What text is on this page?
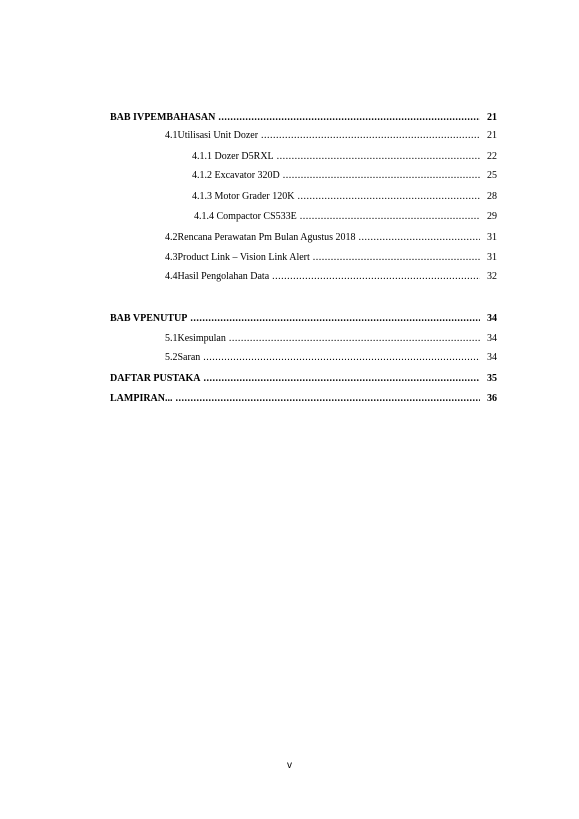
BAB IV PEMBAHASAN .....	21
4.1 Utilisasi Unit Dozer .....	21
4.1.1 Dozer D5RXL .....	22
4.1.2 Excavator 320D .....	25
4.1.3 Motor Grader 120K .....	28
4.1.4 Compactor CS533E .....	29
4.2 Rencana Perawatan Pm Bulan Agustus 2018 .....	31
4.3 Product Link – Vision Link Alert .....	31
4.4 Hasil Pengolahan Data .....	32
BAB V PENUTUP .....	34
5.1 Kesimpulan .....	34
5.2 Saran .....	34
DAFTAR PUSTAKA .....	35
LAMPIRAN... .....	36
v
